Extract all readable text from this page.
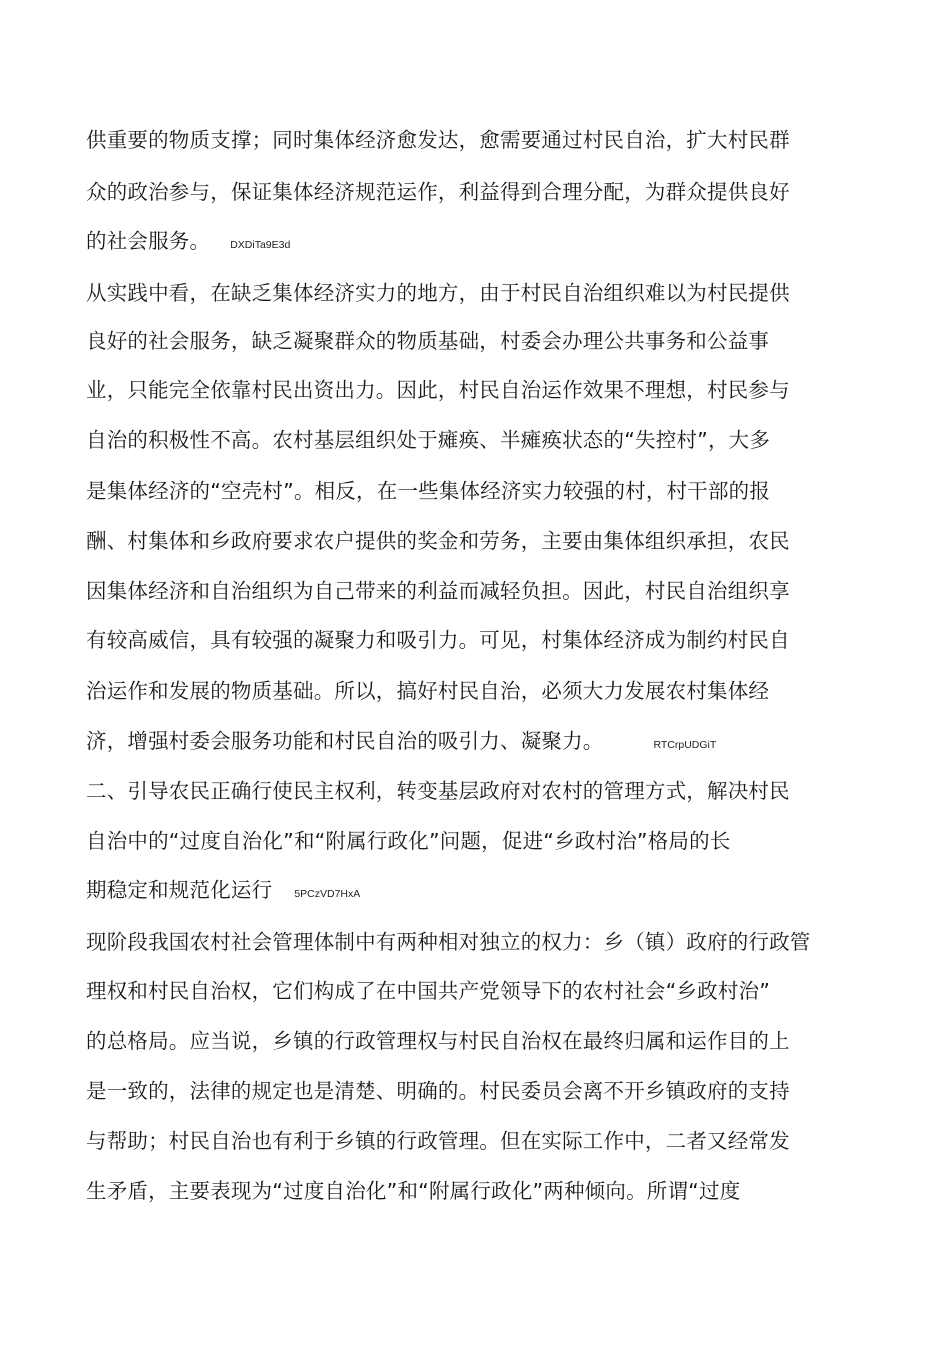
供重要的物质支撑；同时集体经济愈发达，愈需要通过村民自治，扩大村民群
众的政治参与，保证集体经济规范运作，利益得到合理分配，为群众提供良好
的社会服务。 DXDiTa9E3d
从实践中看，在缺乏集体经济实力的地方，由于村民自治组织难以为村民提供
良好的社会服务，缺乏凝聚群众的物质基础，村委会办理公共事务和公益事
业，只能完全依靠村民出资出力。因此，村民自治运作效果不理想，村民参与
自治的积极性不高。农村基层组织处于瘫痪、半瘫痪状态的“失控村”，大多
是集体经济的“空壳村”。相反，在一些集体经济实力较强的村，村干部的报
酬、村集体和乡政府要求农户提供的奖金和劳务，主要由集体组织承担，农民
因集体经济和自治组织为自己带来的利益而减轻负担。因此，村民自治组织享
有较高威信，具有较强的凝聚力和吸引力。可见，村集体经济成为制约村民自
治运作和发展的物质基础。所以，搞好村民自治，必须大力发展农村集体经
济，增强村委会服务功能和村民自治的吸引力、凝聚力。	RTCrpUDGiT
二、引导农民正确行使民主权利，转变基层政府对农村的管理方式，解决村民
自治中的“过度自治化”和“附属行政化”问题，促进“乡政村治”格局的长
期稳定和规范化运行 5PCzVD7HxA
现阶段我国农村社会管理体制中有两种相对独立的权力：乡（镇）政府的行政管
理权和村民自治权，它们构成了在中国共产党领导下的农村社会“乡政村治”
的总格局。应当说，乡镇的行政管理权与村民自治权在最终归属和运作目的上
是一致的，法律的规定也是清楚、明确的。村民委员会离不开乡镇政府的支持
与帮助；村民自治也有利于乡镇的行政管理。但在实际工作中，二者又经常发
生矛盾，主要表现为“过度自治化”和“附属行政化”两种倾向。所谓“过度
